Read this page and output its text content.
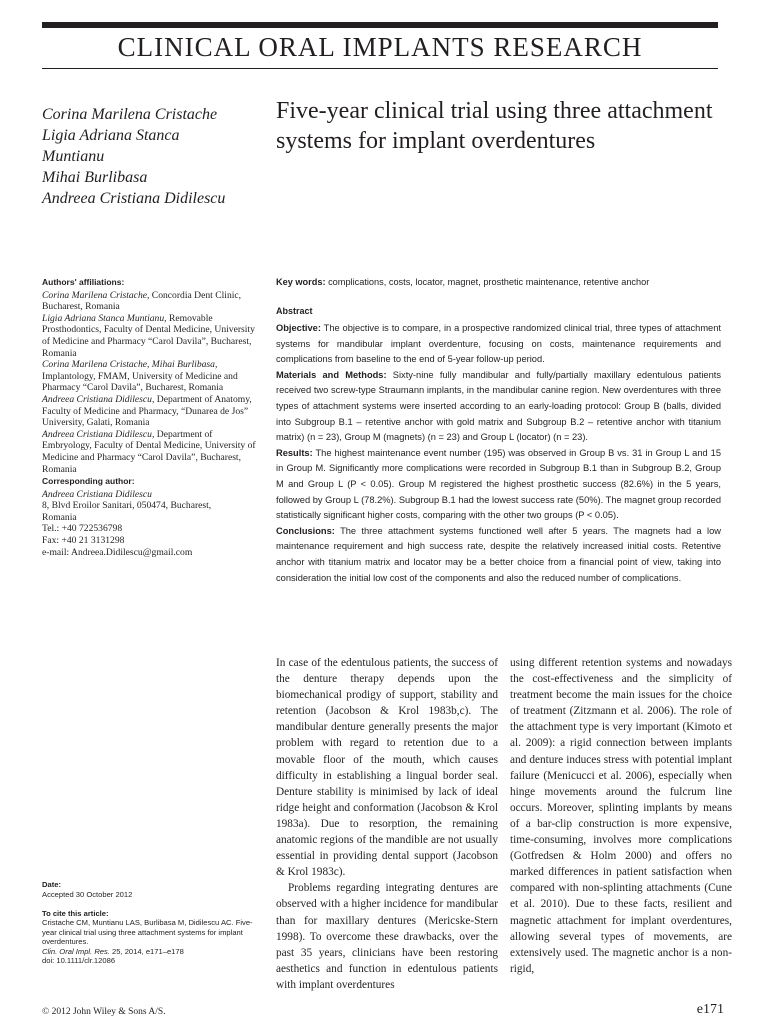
CLINICAL ORAL IMPLANTS RESEARCH
Corina Marilena Cristache
Ligia Adriana Stanca
Muntianu
Mihai Burlibasa
Andreea Cristiana Didilescu
Five-year clinical trial using three attachment systems for implant overdentures
Authors' affiliations:
Corina Marilena Cristache, Concordia Dent Clinic, Bucharest, Romania
Ligia Adriana Stanca Muntianu, Removable Prosthodontics, Faculty of Dental Medicine, University of Medicine and Pharmacy “Carol Davila”, Bucharest, Romania
Corina Marilena Cristache, Mihai Burlibasa, Implantology, FMAM, University of Medicine and Pharmacy “Carol Davila”, Bucharest, Romania
Andreea Cristiana Didilescu, Department of Anatomy, Faculty of Medicine and Pharmacy, “Dunarea de Jos” University, Galati, Romania
Andreea Cristiana Didilescu, Department of Embryology, Faculty of Dental Medicine, University of Medicine and Pharmacy “Carol Davila”, Bucharest, Romania
Corresponding author:
Andreea Cristiana Didilescu
8, Blvd Eroilor Sanitari, 050474, Bucharest,
Romania
Tel.: +40 722536798
Fax: +40 21 3131298
e-mail: Andreea.Didilescu@gmail.com
Key words: complications, costs, locator, magnet, prosthetic maintenance, retentive anchor
Abstract

Objective: The objective is to compare, in a prospective randomized clinical trial, three types of attachment systems for mandibular implant overdenture, focusing on costs, maintenance requirements and complications from baseline to the end of 5-year follow-up period.

Materials and Methods: Sixty-nine fully mandibular and fully/partially maxillary edentulous patients received two screw-type Straumann implants, in the mandibular canine region. New overdentures with three types of attachment systems were inserted according to an early-loading protocol: Group B (balls, divided into Subgroup B.1 – retentive anchor with gold matrix and Subgroup B.2 – retentive anchor with titanium matrix) (n = 23), Group M (magnets) (n = 23) and Group L (locator) (n = 23).

Results: The highest maintenance event number (195) was observed in Group B vs. 31 in Group L and 15 in Group M. Significantly more complications were recorded in Subgroup B.1 than in Subgroup B.2, Group M and Group L (P < 0.05). Group M registered the highest prosthetic success (82.6%) in the 5 years, followed by Group L (78.2%). Subgroup B.1 had the lowest success rate (50%). The magnet group recorded statistically significant higher costs, comparing with the other two groups (P < 0.05).

Conclusions: The three attachment systems functioned well after 5 years. The magnets had a low maintenance requirement and high success rate, despite the relatively increased initial costs. Retentive anchor with titanium matrix and locator may be a better choice from a financial point of view, taking into consideration the initial low cost of the components and also the reduced number of complications.

In case of the edentulous patients, the success of the denture therapy depends upon the biomechanical prodigy of support, stability and retention (Jacobson & Krol 1983b,c). The mandibular denture generally presents the major problem with regard to retention due to a movable floor of the mouth, which causes difficulty in establishing a lingual border seal. Denture stability is minimised by lack of ideal ridge height and conformation (Jacobson & Krol 1983a). Due to resorption, the remaining anatomic regions of the mandible are not usually essential in providing dental support (Jacobson & Krol 1983c).

Problems regarding integrating dentures are observed with a higher incidence for mandibular than for maxillary dentures (Mericske-Stern 1998). To overcome these drawbacks, over the past 35 years, clinicians have been restoring aesthetics and function in edentulous patients with implant overdentures

using different retention systems and nowadays the cost-effectiveness and the simplicity of treatment become the main issues for the choice of treatment (Zitzmann et al. 2006). The role of the attachment type is very important (Kimoto et al. 2009): a rigid connection between implants and denture induces stress with potential implant failure (Menicucci et al. 2006), especially when hinge movements around the fulcrum line occurs. Moreover, splinting implants by means of a bar-clip construction is more expensive, time-consuming, involves more complications (Gotfredsen & Holm 2000) and offers no marked differences in patient satisfaction when compared with non-splinting attachments (Cune et al. 2010). Due to these facts, resilient and magnetic attachment for implant overdentures, allowing several types of movements, are extensively used. The magnetic anchor is a non-rigid,

Date:
Accepted 30 October 2012
To cite this article:
Cristache CM, Muntianu LAS, Burlibasa M, Didilescu AC. Five-year clinical trial using three attachment systems for implant overdentures.
Clin. Oral Impl. Res. 25, 2014, e171–e178
doi: 10.1111/clr.12086
© 2012 John Wiley & Sons A/S.	e171
